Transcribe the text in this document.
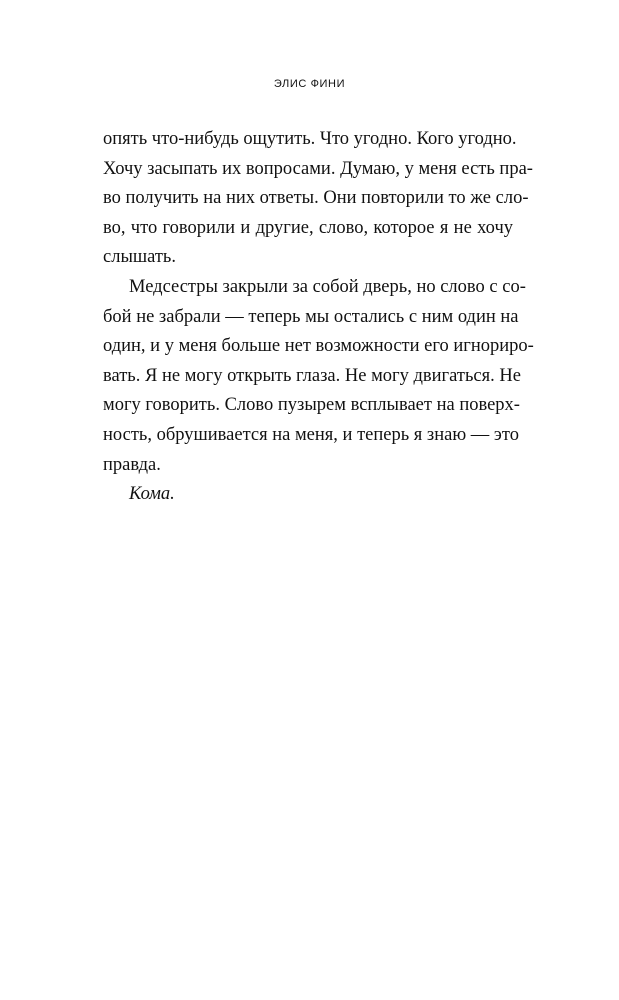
ЭЛИС ФИНИ
опять что-нибудь ощутить. Что угодно. Кого угодно.
Хочу засыпать их вопросами. Думаю, у меня есть пра-
во получить на них ответы. Они повторили то же сло-
во, что говорили и другие, слово, которое я не хочу
слышать.
Медсестры закрыли за собой дверь, но слово с со-
бой не забрали — теперь мы остались с ним один на
один, и у меня больше нет возможности его игнориро-
вать. Я не могу открыть глаза. Не могу двигаться. Не
могу говорить. Слово пузырем всплывает на поверх-
ность, обрушивается на меня, и теперь я знаю — это
правда.
Кома.
